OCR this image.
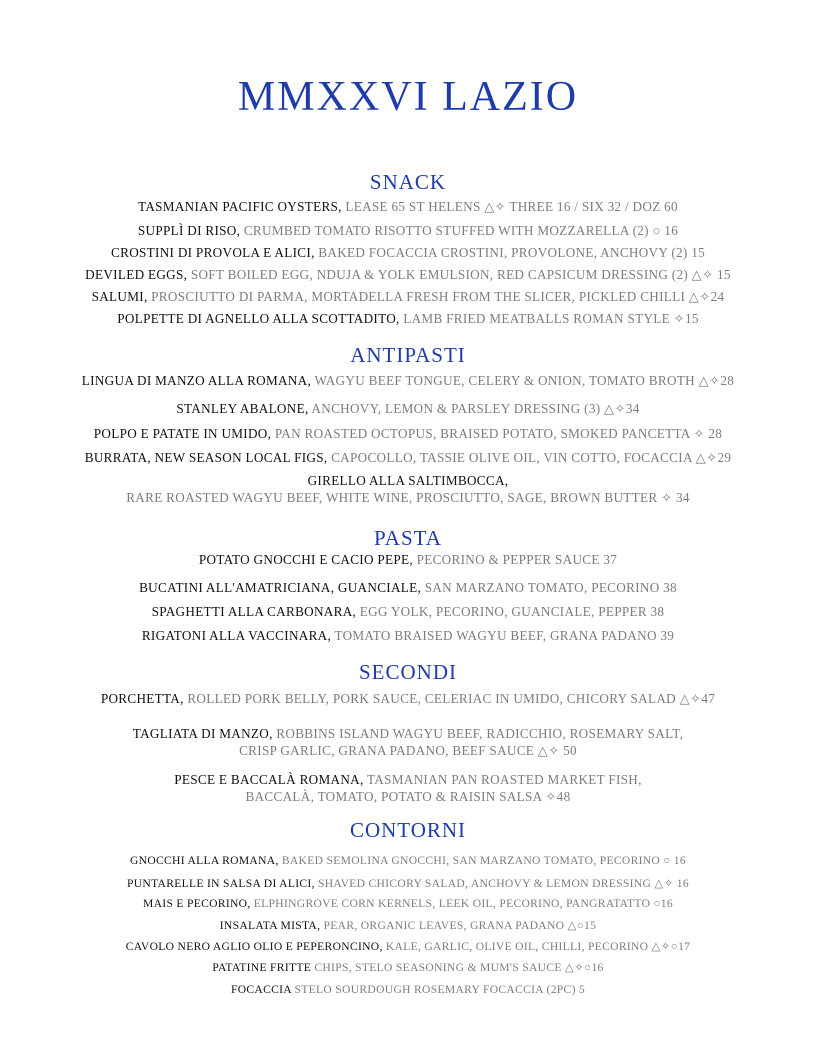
MMXXVI LAZIO
SNACK

TASMANIAN PACIFIC OYSTERS, LEASE 65 ST HELENS △✧ THREE 16 / SIX 32 / DOZ 60

SUPPLÌ DI RISO, CRUMBED TOMATO RISOTTO STUFFED WITH MOZZARELLA (2) ○ 16

CROSTINI DI PROVOLA E ALICI, BAKED FOCACCIA CROSTINI, PROVOLONE, ANCHOVY (2) 15

DEVILED EGGS, SOFT BOILED EGG, NDUJA & YOLK EMULSION, RED CAPSICUM DRESSING (2) △✧ 15

SALUMI, PROSCIUTTO DI PARMA, MORTADELLA FRESH FROM THE SLICER, PICKLED CHILLI △✧24

POLPETTE DI AGNELLO ALLA SCOTTADITO, LAMB FRIED MEATBALLS ROMAN STYLE ✧15

ANTIPASTI

LINGUA DI MANZO ALLA ROMANA, WAGYU BEEF TONGUE, CELERY & ONION, TOMATO BROTH △✧28

STANLEY ABALONE, ANCHOVY, LEMON & PARSLEY DRESSING (3) △✧34

POLPO E PATATE IN UMIDO, PAN ROASTED OCTOPUS, BRAISED POTATO, SMOKED PANCETTA ✧ 28

BURRATA, NEW SEASON LOCAL FIGS, CAPOCOLLO, TASSIE OLIVE OIL, VIN COTTO, FOCACCIA △✧29

GIRELLO ALLA SALTIMBOCCA,
RARE ROASTED WAGYU BEEF, WHITE WINE, PROSCIUTTO, SAGE, BROWN BUTTER ✧ 34

PASTA

POTATO GNOCCHI E CACIO PEPE, PECORINO & PEPPER SAUCE 37

BUCATINI ALL'AMATRICIANA, GUANCIALE, SAN MARZANO TOMATO, PECORINO 38

SPAGHETTI ALLA CARBONARA, EGG YOLK, PECORINO, GUANCIALE, PEPPER 38

RIGATONI ALLA VACCINARA, TOMATO BRAISED WAGYU BEEF, GRANA PADANO 39

SECONDI

PORCHETTA, ROLLED PORK BELLY, PORK SAUCE, CELERIAC IN UMIDO, CHICORY SALAD △✧47

TAGLIATA DI MANZO, ROBBINS ISLAND WAGYU BEEF, RADICCHIO, ROSEMARY SALT,
CRISP GARLIC, GRANA PADANO, BEEF SAUCE △✧ 50

PESCE E BACCALÀ ROMANA, TASMANIAN PAN ROASTED MARKET FISH,
BACCALÀ, TOMATO, POTATO & RAISIN SALSA ✧48

CONTORNI

GNOCCHI ALLA ROMANA, BAKED SEMOLINA GNOCCHI, SAN MARZANO TOMATO, PECORINO ○ 16

PUNTARELLE IN SALSA DI ALICI, SHAVED CHICORY SALAD, ANCHOVY & LEMON DRESSING △✧ 16

MAIS E PECORINO, ELPHINGROVE CORN KERNELS, LEEK OIL, PECORINO, PANGRATATTO ○16

INSALATA MISTA, PEAR, ORGANIC LEAVES, GRANA PADANO △○15

CAVOLO NERO AGLIO OLIO E PEPERONCINO, KALE, GARLIC, OLIVE OIL, CHILLI, PECORINO △✧○17

PATATINE FRITTE CHIPS, STELO SEASONING & MUM'S SAUCE △✧○16

FOCACCIA STELO SOURDOUGH ROSEMARY FOCACCIA (2PC) 5
